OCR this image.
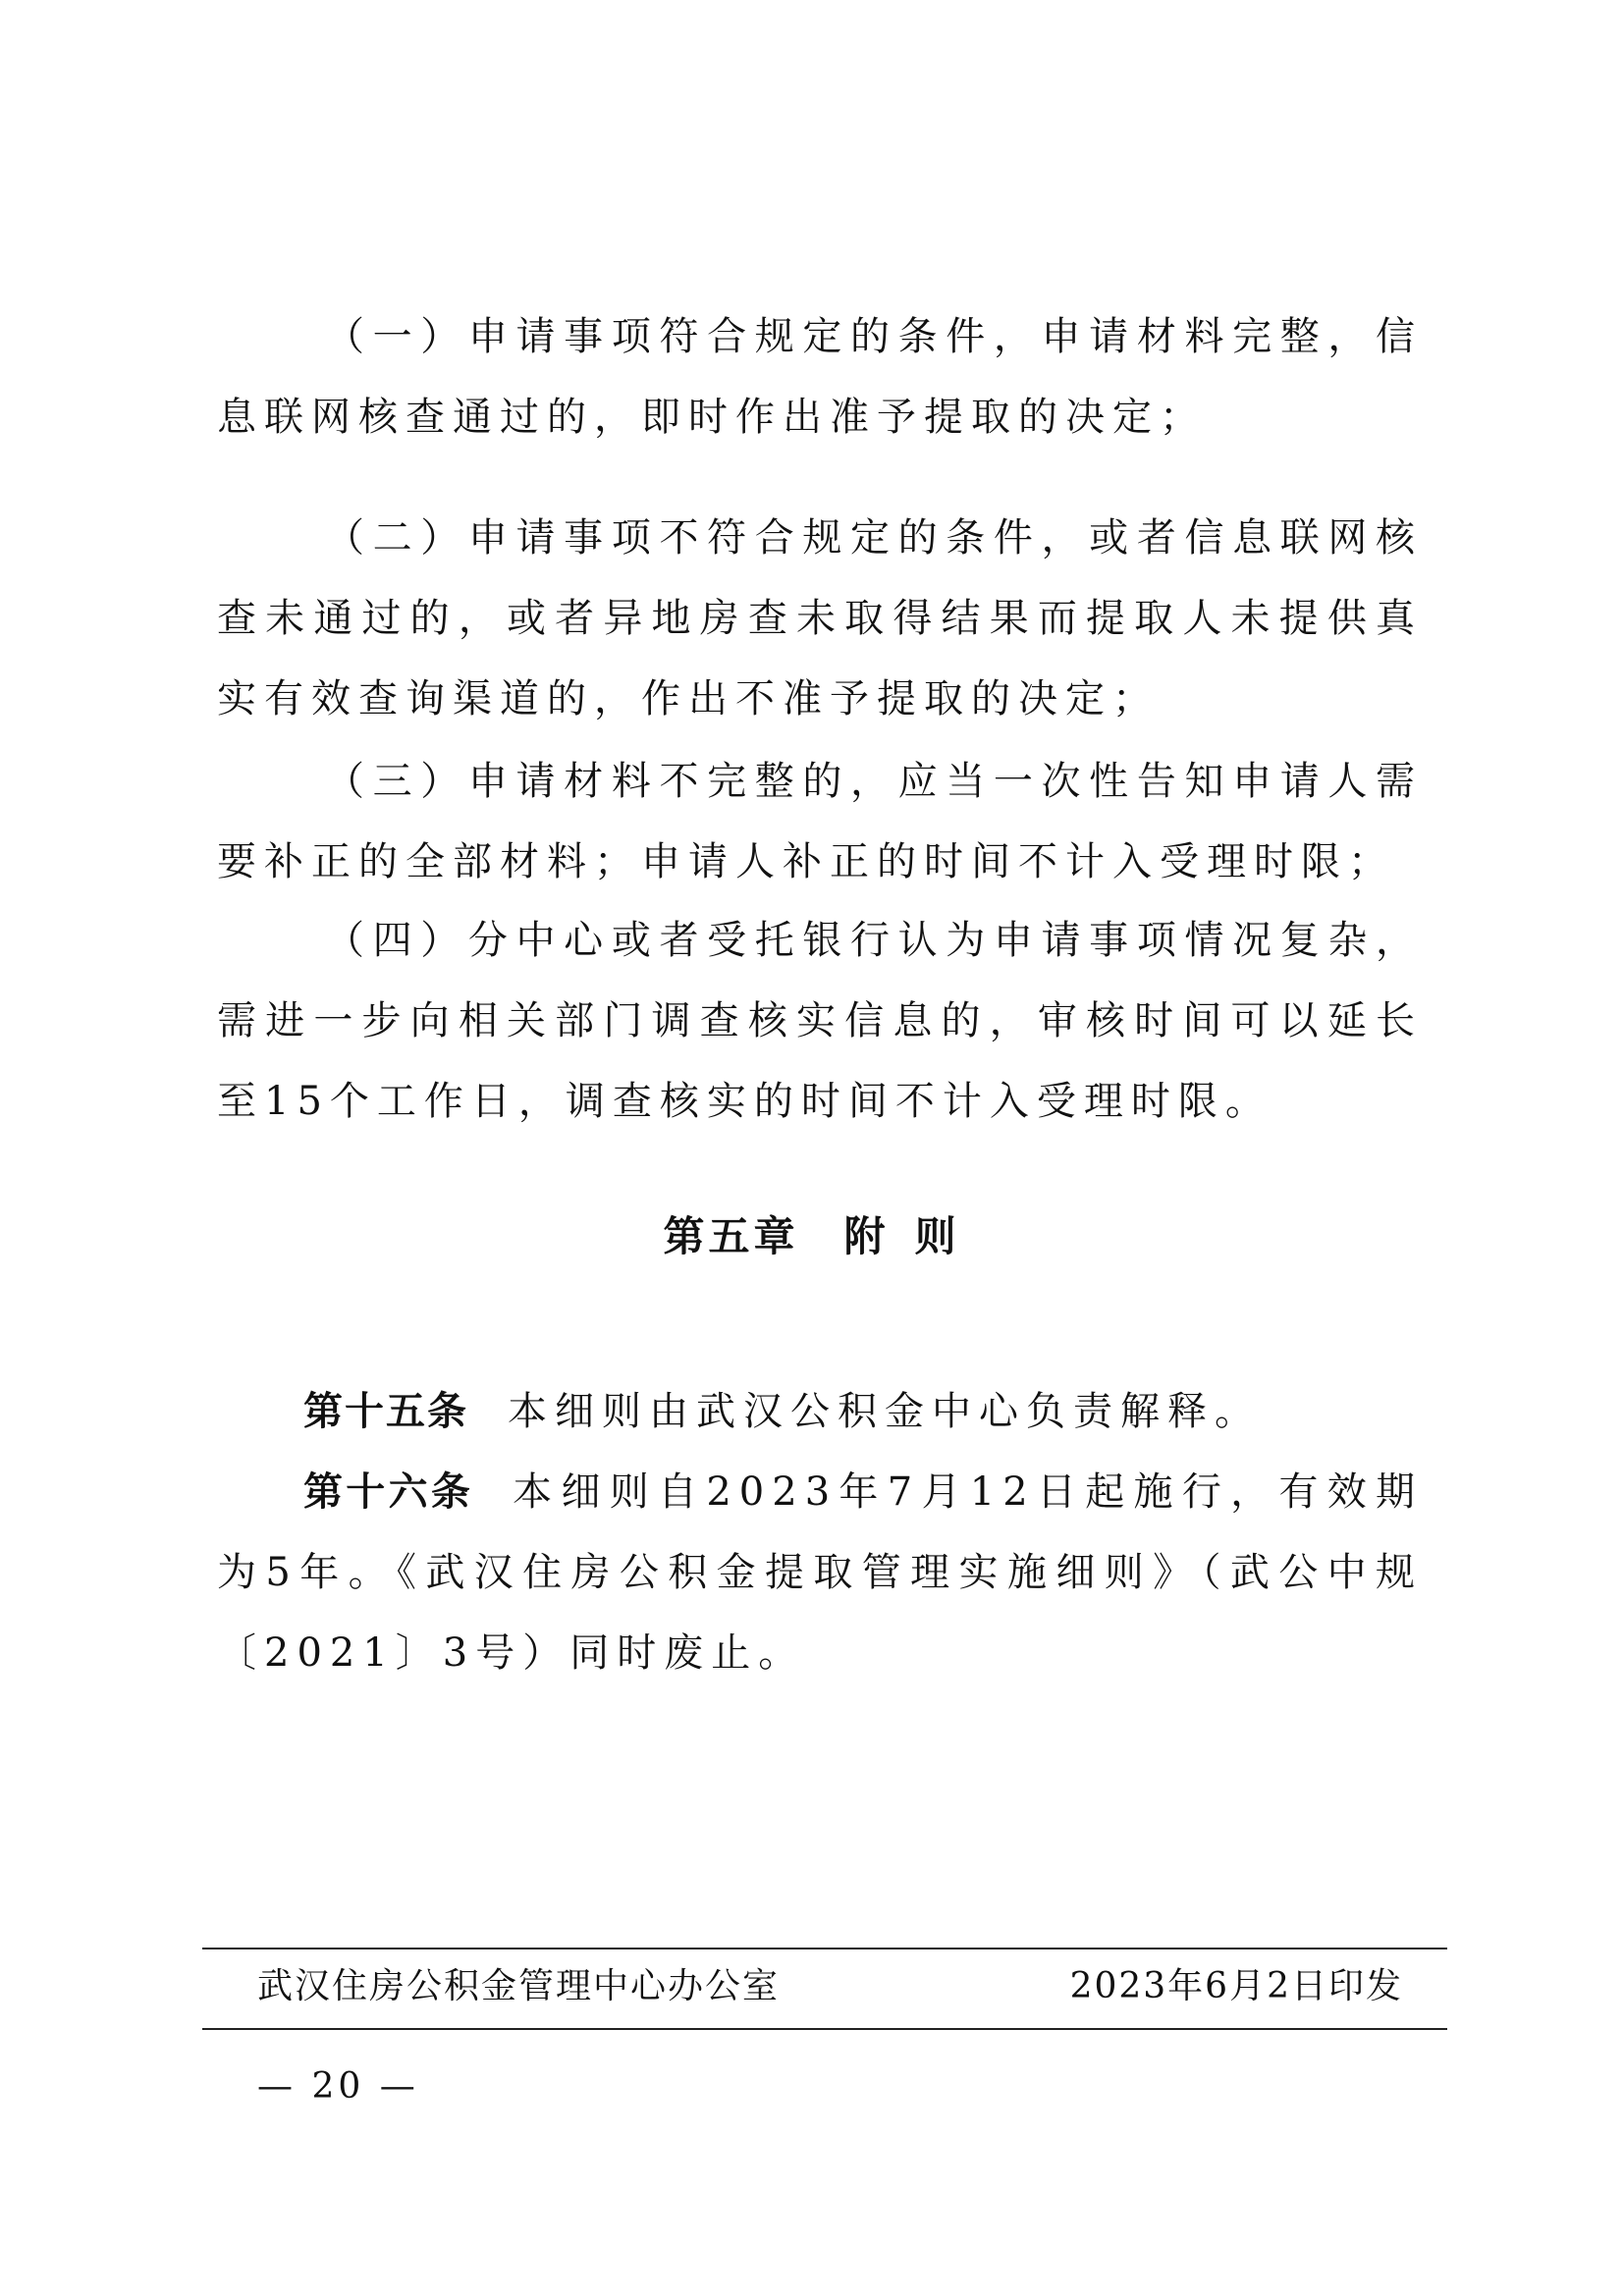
（一）申请事项符合规定的条件，申请材料完整，信息联网核查通过的，即时作出准予提取的决定；

（二）申请事项不符合规定的条件，或者信息联网核查未通过的，或者异地房查未取得结果而提取人未提供真实有效查询渠道的，作出不准予提取的决定；

（三）申请材料不完整的，应当一次性告知申请人需要补正的全部材料；申请人补正的时间不计入受理时限；

（四）分中心或者受托银行认为申请事项情况复杂，需进一步向相关部门调查核实信息的，审核时间可以延长至15个工作日，调查核实的时间不计入受理时限。

第五章 附 则

第十五条 本细则由武汉公积金中心负责解释。

第十六条 本细则自2023年7月12日起施行，有效期为5年。《武汉住房公积金提取管理实施细则》（武公中规〔2021〕3号）同时废止。

武汉住房公积金管理中心办公室	2023年6月2日印发

— 20 —
